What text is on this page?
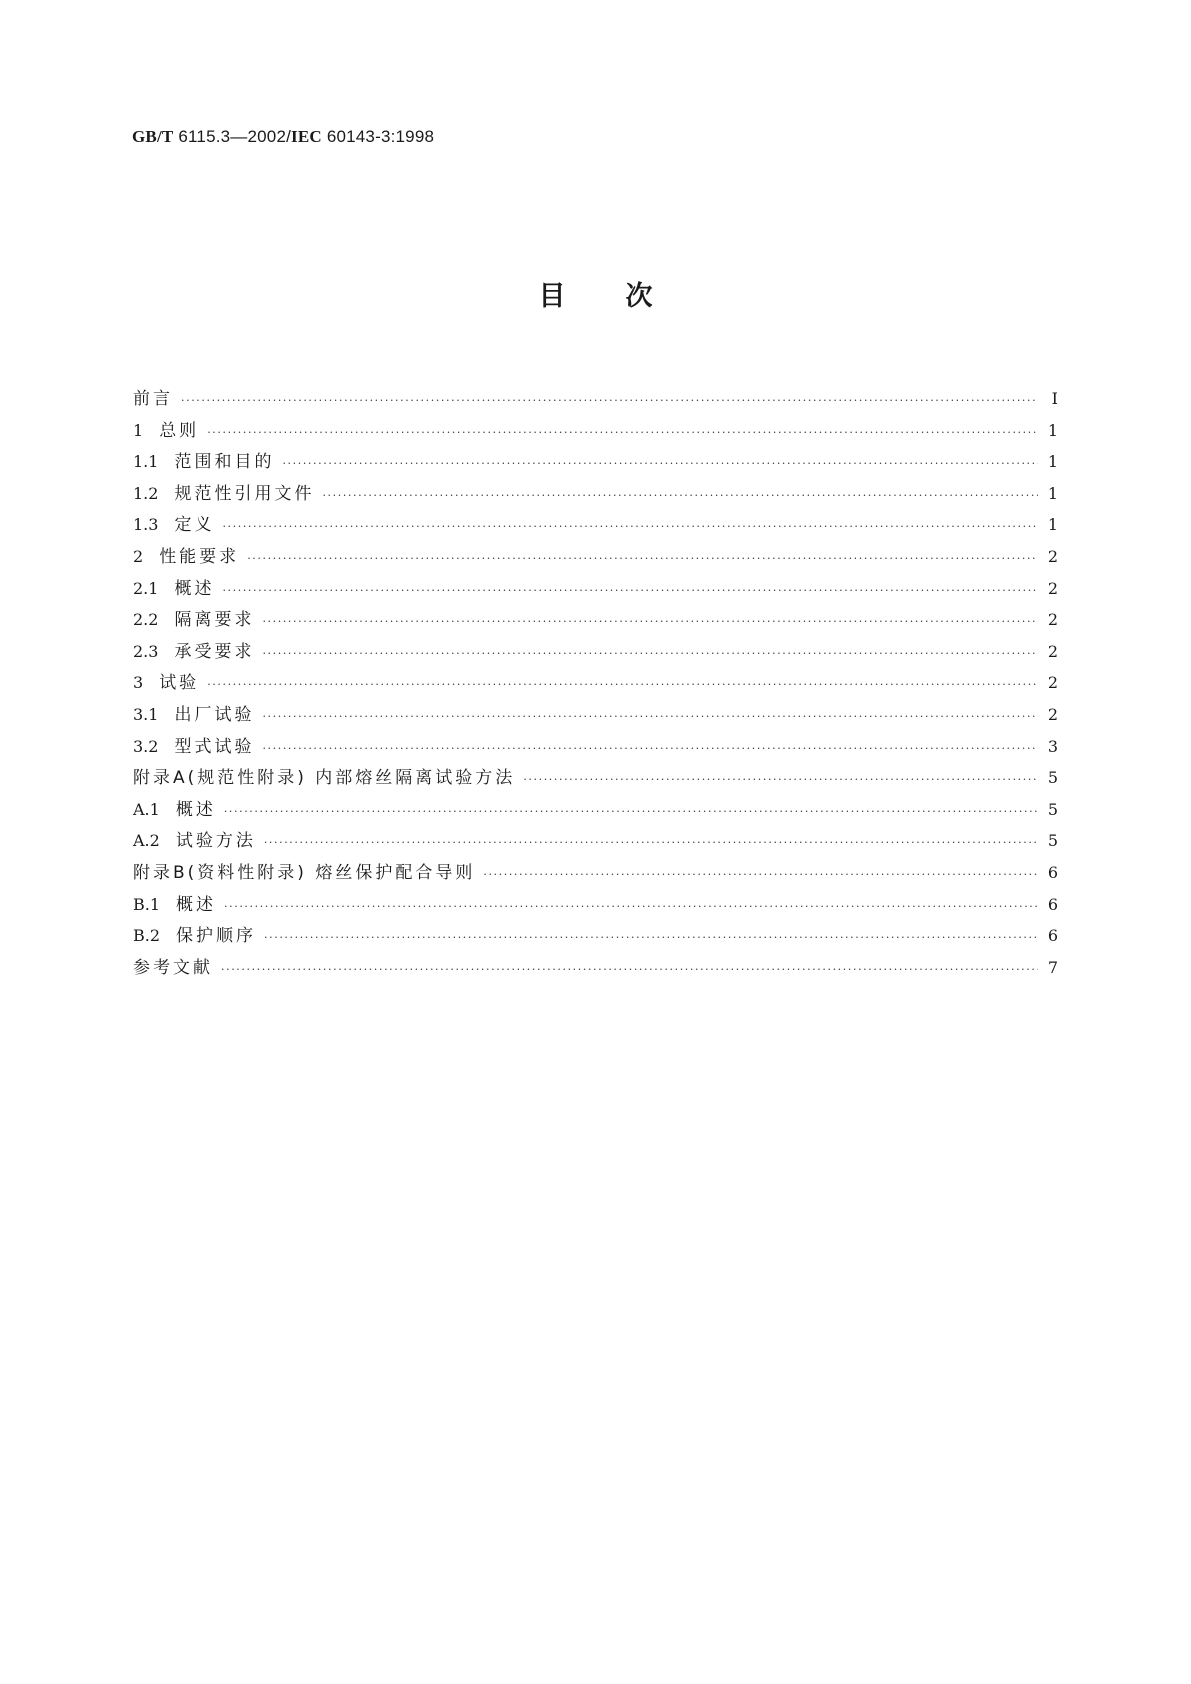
GB/T 6115.3—2002/IEC 60143-3:1998
目次
前言 ·····	Ⅰ
1 总则 ·····	1
1.1 范围和目的 ·····	1
1.2 规范性引用文件 ·····	1
1.3 定义 ·····	1
2 性能要求 ·····	2
2.1 概述 ·····	2
2.2 隔离要求 ·····	2
2.3 承受要求 ·····	2
3 试验 ·····	2
3.1 出厂试验 ·····	2
3.2 型式试验 ·····	3
附录A(规范性附录) 内部熔丝隔离试验方法 ·····	5
A.1 概述 ·····	5
A.2 试验方法 ·····	5
附录B(资料性附录) 熔丝保护配合导则 ·····	6
B.1 概述 ·····	6
B.2 保护顺序 ·····	6
参考文献 ·····	7
